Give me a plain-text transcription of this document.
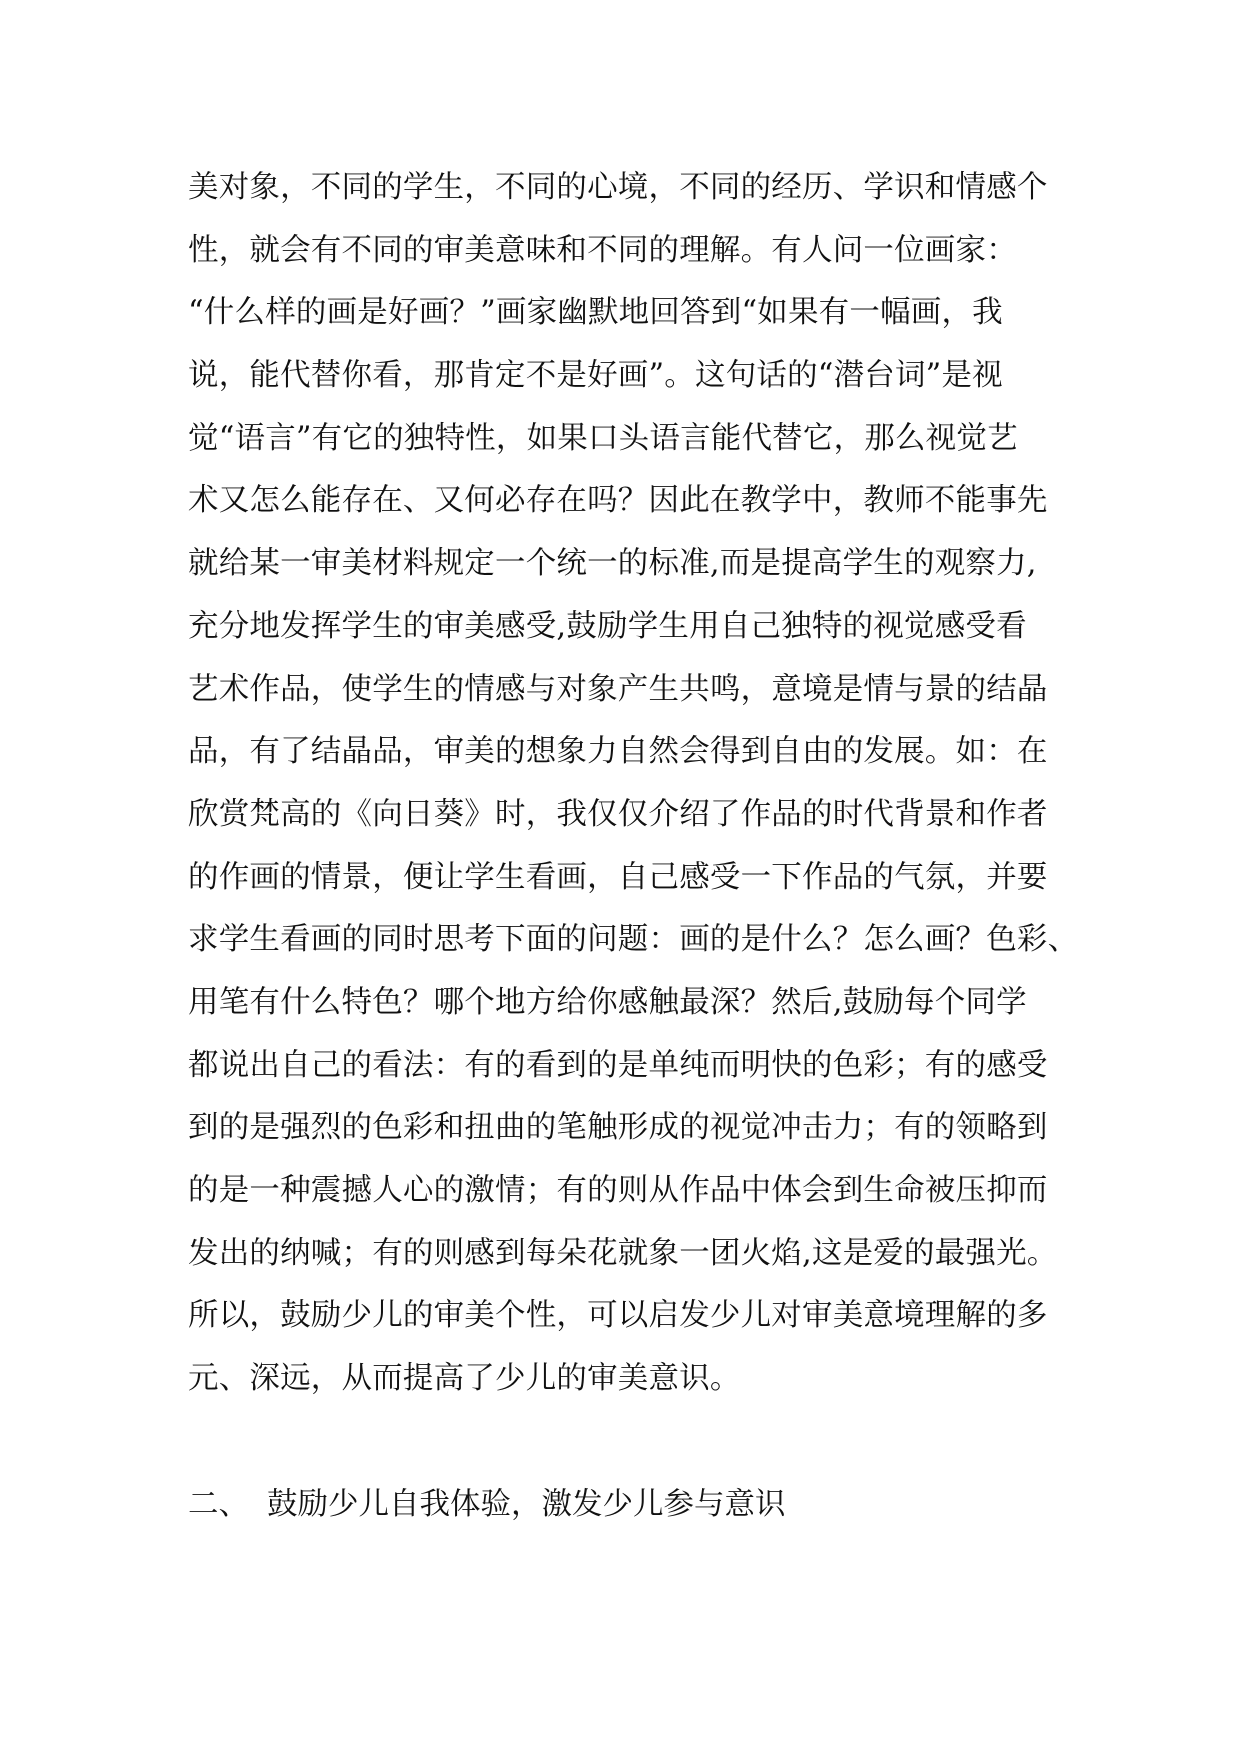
美对象，不同的学生，不同的心境，不同的经历、学识和情感个
性，就会有不同的审美意味和不同的理解。有人问一位画家：
“什么样的画是好画？”画家幽默地回答到“如果有一幅画，我
说，能代替你看，那肯定不是好画”。这句话的“潜台词”是视
觉“语言”有它的独特性，如果口头语言能代替它，那么视觉艺
术又怎么能存在、又何必存在吗？因此在教学中，教师不能事先
就给某一审美材料规定一个统一的标准,而是提高学生的观察力,
充分地发挥学生的审美感受,鼓励学生用自己独特的视觉感受看
艺术作品，使学生的情感与对象产生共鸣，意境是情与景的结晶
品，有了结晶品，审美的想象力自然会得到自由的发展。如：在
欣赏梵高的《向日葵》时，我仅仅介绍了作品的时代背景和作者
的作画的情景，便让学生看画，自己感受一下作品的气氛，并要
求学生看画的同时思考下面的问题：画的是什么？怎么画？色彩、
用笔有什么特色？哪个地方给你感触最深？然后,鼓励每个同学
都说出自己的看法：有的看到的是单纯而明快的色彩；有的感受
到的是强烈的色彩和扭曲的笔触形成的视觉冲击力；有的领略到
的是一种震撼人心的激情；有的则从作品中体会到生命被压抑而
发出的纳喊；有的则感到每朵花就象一团火焰,这是爱的最强光。
所以，鼓励少儿的审美个性，可以启发少儿对审美意境理解的多
元、深远，从而提高了少儿的审美意识。
二、 鼓励少儿自我体验，激发少儿参与意识
